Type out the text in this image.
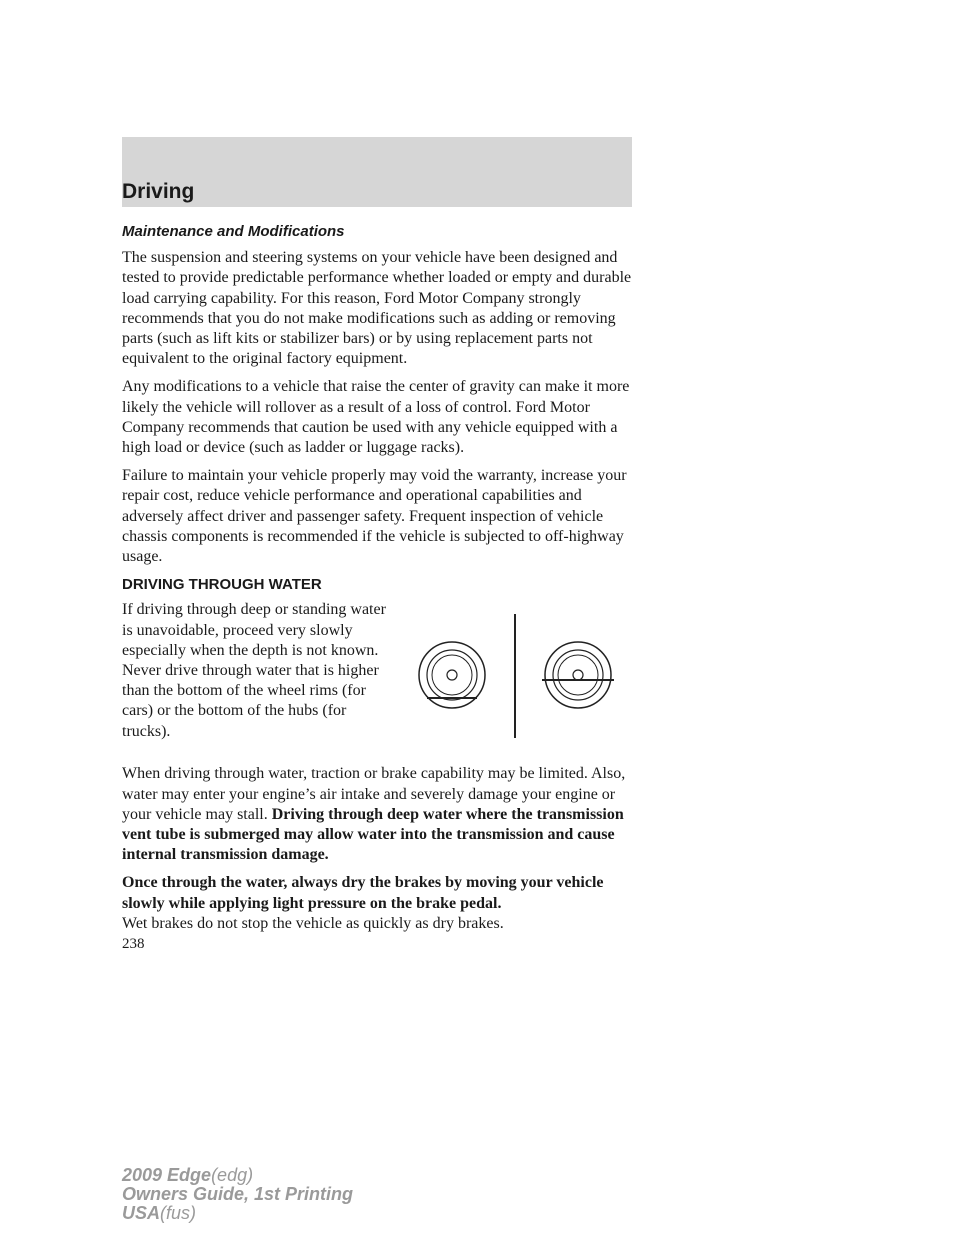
Driving
Maintenance and Modifications

The suspension and steering systems on your vehicle have been designed and tested to provide predictable performance whether loaded or empty and durable load carrying capability. For this reason, Ford Motor Company strongly recommends that you do not make modifications such as adding or removing parts (such as lift kits or stabilizer bars) or by using replacement parts not equivalent to the original factory equipment.

Any modifications to a vehicle that raise the center of gravity can make it more likely the vehicle will rollover as a result of a loss of control. Ford Motor Company recommends that caution be used with any vehicle equipped with a high load or device (such as ladder or luggage racks).

Failure to maintain your vehicle properly may void the warranty, increase your repair cost, reduce vehicle performance and operational capabilities and adversely affect driver and passenger safety. Frequent inspection of vehicle chassis components is recommended if the vehicle is subjected to off-highway usage.

DRIVING THROUGH WATER

If driving through deep or standing water is unavoidable, proceed very slowly especially when the depth is not known. Never drive through water that is higher than the bottom of the wheel rims (for cars) or the bottom of the hubs (for trucks).

When driving through water, traction or brake capability may be limited. Also, water may enter your engine’s air intake and severely damage your engine or your vehicle may stall. Driving through deep water where the transmission vent tube is submerged may allow water into the transmission and cause internal transmission damage.

Once through the water, always dry the brakes by moving your vehicle slowly while applying light pressure on the brake pedal.
Wet brakes do not stop the vehicle as quickly as dry brakes.

238
2009 Edge(edg)
Owners Guide, 1st Printing
USA(fus)
